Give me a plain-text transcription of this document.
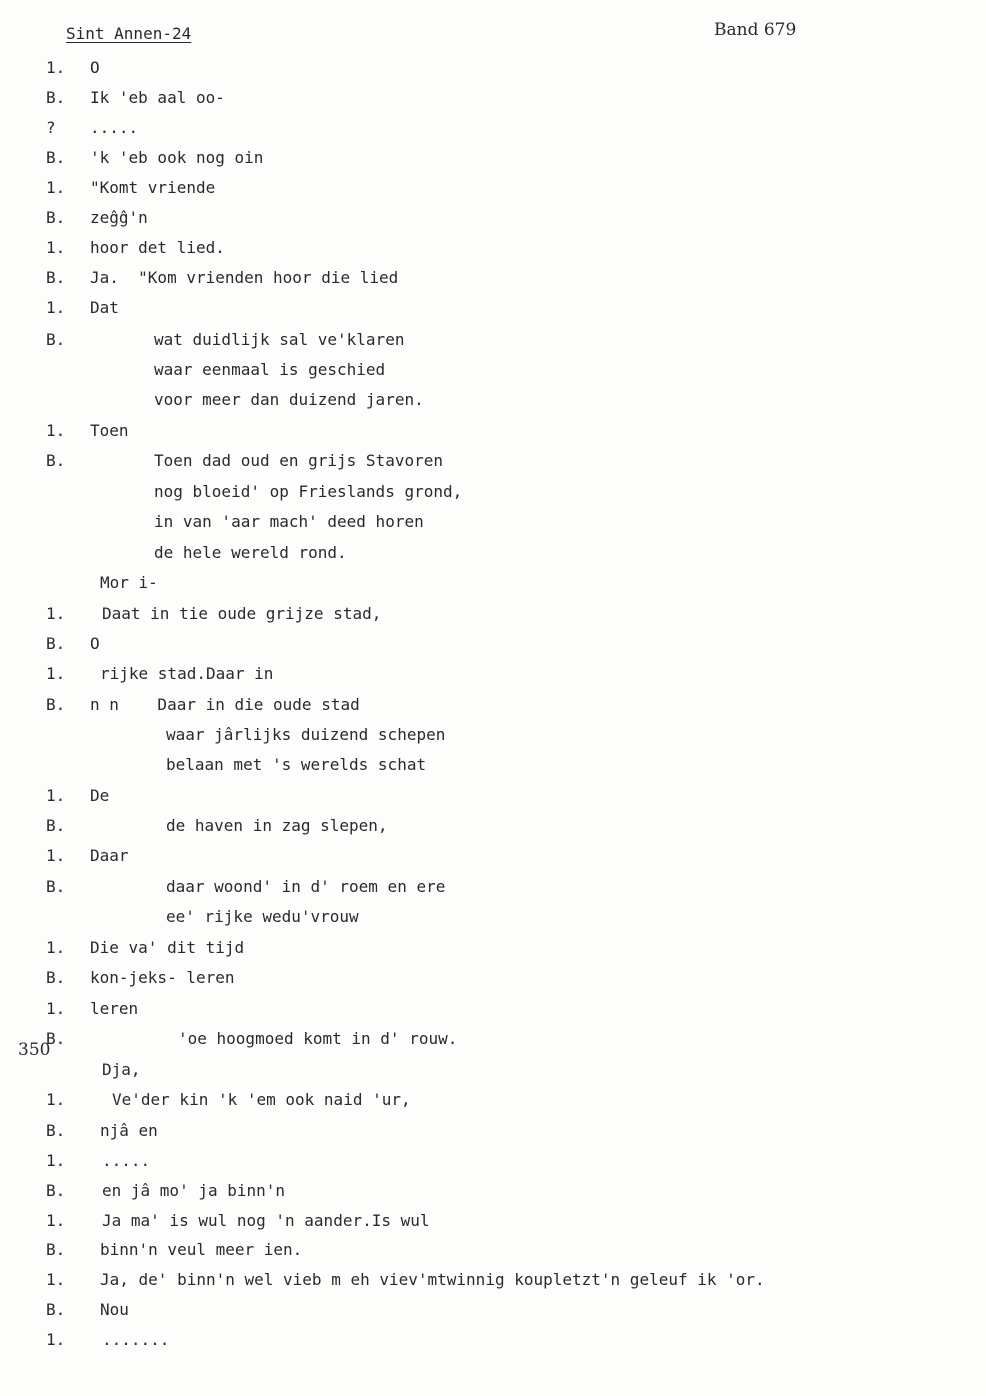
Sint Annen-24	Band 679
350
1. O
B. Ik 'eb aal oo-
? .....
B. 'k 'eb ook nog oin
1. "Komt vriende
B. zeĝĝ'n
1. hoor det lied.
B. Ja.  "Kom vrienden hoor die lied
1. Dat
B.	wat duidlijk sal ve'klaren
waar eenmaal is geschied
voor meer dan duizend jaren.
1. Toen
B.	Toen dad oud en grijs Stavoren
nog bloeid' op Frieslands grond,
in van 'aar mach' deed horen
de hele wereld rond.
Mor i-
1. Daat in tie oude grijze stad,
B. O
1. rijke stad.Daar in
B. n n    Daar in die oude stad
waar jârlijks duizend schepen
belaan met 's werelds schat
1. De
B.	de haven in zag slepen,
1. Daar
B.	daar woond' in d' roem en ere
ee' rijke wedu'vrouw
1. Die va' dit tijd
B. kon-jeks- leren
1. leren
B.	'oe hoogmoed komt in d' rouw.
Dja,
1.	Ve'der kin 'k 'em ook naid 'ur,
B. njâ en
1. .....
B. en jâ mo' ja binn'n
1. Ja ma' is wul nog 'n aander.Is wul
B. binn'n veul meer ien.
1. Ja, de' binn'n wel vieb m eh viev'mtwinnig koupletzt'n geleuf ik 'or.
B. Nou
1. .......
